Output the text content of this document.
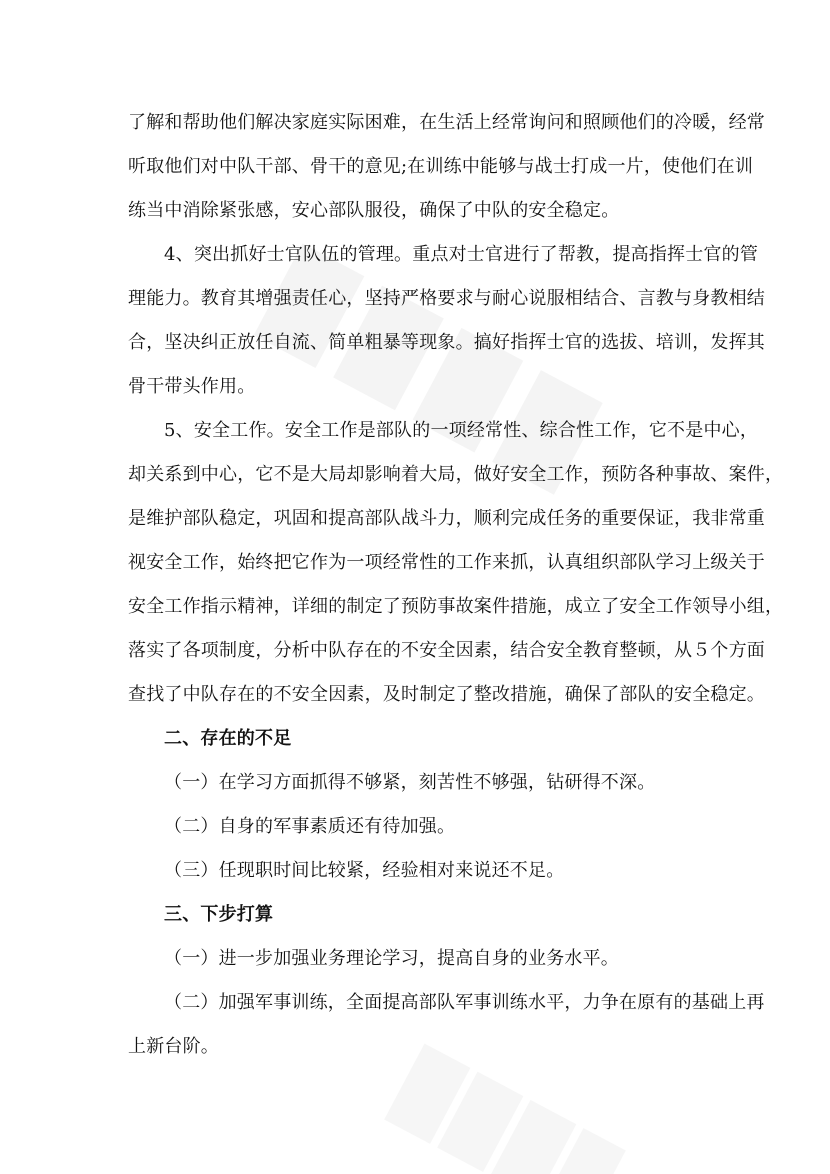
了解和帮助他们解决家庭实际困难，在生活上经常询问和照顾他们的冷暖，经常
听取他们对中队干部、骨干的意见;在训练中能够与战士打成一片，使他们在训
练当中消除紧张感，安心部队服役，确保了中队的安全稳定。
4、突出抓好士官队伍的管理。重点对士官进行了帮教，提高指挥士官的管
理能力。教育其增强责任心，坚持严格要求与耐心说服相结合、言教与身教相结
合，坚决纠正放任自流、简单粗暴等现象。搞好指挥士官的选拔、培训，发挥其
骨干带头作用。
5、安全工作。安全工作是部队的一项经常性、综合性工作，它不是中心，
却关系到中心，它不是大局却影响着大局，做好安全工作，预防各种事故、案件，
是维护部队稳定，巩固和提高部队战斗力，顺利完成任务的重要保证，我非常重
视安全工作，始终把它作为一项经常性的工作来抓，认真组织部队学习上级关于
安全工作指示精神，详细的制定了预防事故案件措施，成立了安全工作领导小组，
落实了各项制度，分析中队存在的不安全因素，结合安全教育整顿，从５个方面
查找了中队存在的不安全因素，及时制定了整改措施，确保了部队的安全稳定。
二、存在的不足
（一）在学习方面抓得不够紧，刻苦性不够强，钻研得不深。
（二）自身的军事素质还有待加强。
（三）任现职时间比较紧，经验相对来说还不足。
三、下步打算
（一）进一步加强业务理论学习，提高自身的业务水平。
（二）加强军事训练，全面提高部队军事训练水平，力争在原有的基础上再
上新台阶。
